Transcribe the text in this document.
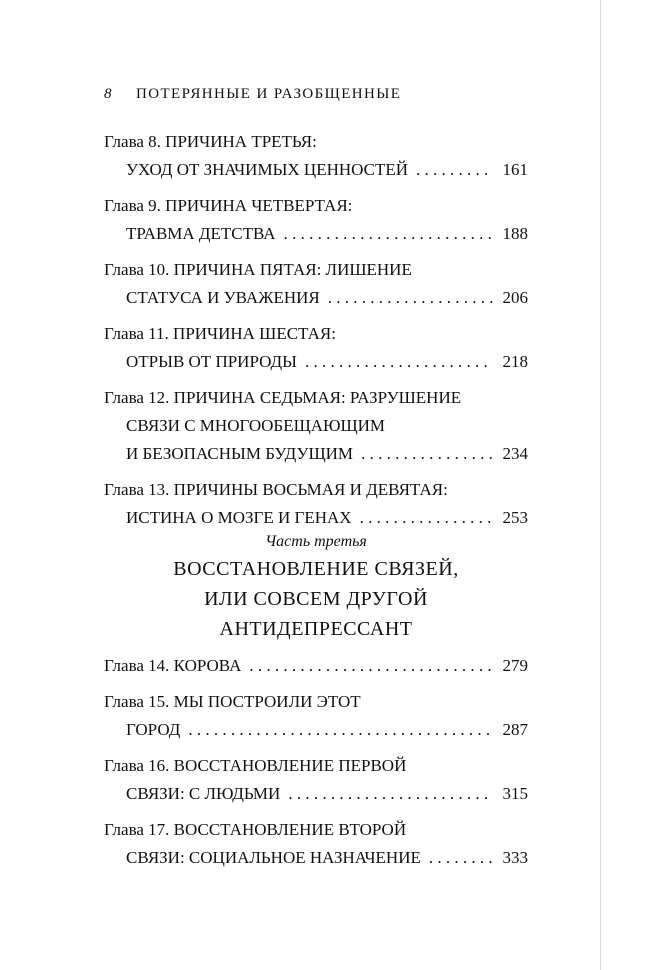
8 ПОТЕРЯННЫЕ И РАЗОБЩЕННЫЕ
Глава 8. ПРИЧИНА ТРЕТЬЯ:
УХОД ОТ ЗНАЧИМЫХ ЦЕННОСТЕЙ . . .	161
Глава 9. ПРИЧИНА ЧЕТВЕРТАЯ:
ТРАВМА ДЕТСТВА . . .	188
Глава 10. ПРИЧИНА ПЯТАЯ: ЛИШЕНИЕ
СТАТУСА И УВАЖЕНИЯ . . .	206
Глава 11. ПРИЧИНА ШЕСТАЯ:
ОТРЫВ ОТ ПРИРОДЫ . . .	218
Глава 12. ПРИЧИНА СЕДЬМАЯ: РАЗРУШЕНИЕ
СВЯЗИ С МНОГООБЕЩАЮЩИМ
И БЕЗОПАСНЫМ БУДУЩИМ . . .	234
Глава 13. ПРИЧИНЫ ВОСЬМАЯ И ДЕВЯТАЯ:
ИСТИНА О МОЗГЕ И ГЕНАХ . . .	253
Часть третья
ВОССТАНОВЛЕНИЕ СВЯЗЕЙ,
ИЛИ СОВСЕМ ДРУГОЙ
АНТИДЕПРЕССАНТ
Глава 14. КОРОВА . . .	279
Глава 15. МЫ ПОСТРОИЛИ ЭТОТ
ГОРОД . . .	287
Глава 16. ВОССТАНОВЛЕНИЕ ПЕРВОЙ
СВЯЗИ: С ЛЮДЬМИ . . .	315
Глава 17. ВОССТАНОВЛЕНИЕ ВТОРОЙ
СВЯЗИ: СОЦИАЛЬНОЕ НАЗНАЧЕНИЕ . . .	333
